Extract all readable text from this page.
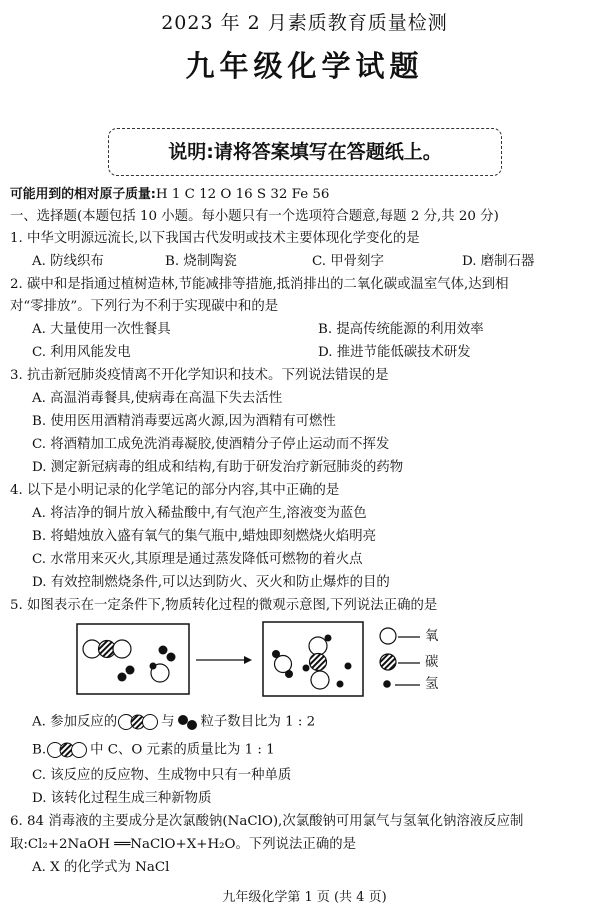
2023 年 2 月素质教育质量检测
九年级化学试题
说明:请将答案填写在答题纸上。
可能用到的相对原子质量:H 1 C 12 O 16 S 32 Fe 56
一、选择题(本题包括 10 小题。每小题只有一个选项符合题意,每题 2 分,共 20 分)
1. 中华文明源远流长,以下我国古代发明或技术主要体现化学变化的是
A. 防线织布	B. 烧制陶瓷	C. 甲骨刻字	D. 磨制石器
2. 碳中和是指通过植树造林,节能减排等措施,抵消排出的二氧化碳或温室气体,达到相
对“零排放”。下列行为不利于实现碳中和的是
A. 大量使用一次性餐具	B. 提高传统能源的利用效率
C. 利用风能发电	D. 推进节能低碳技术研发
3. 抗击新冠肺炎疫情离不开化学知识和技术。下列说法错误的是
A. 高温消毒餐具,使病毒在高温下失去活性
B. 使用医用酒精消毒要远离火源,因为酒精有可燃性
C. 将酒精加工成免洗消毒凝胶,使酒精分子停止运动而不挥发
D. 测定新冠病毒的组成和结构,有助于研发治疗新冠肺炎的药物
4. 以下是小明记录的化学笔记的部分内容,其中正确的是
A. 将洁净的铜片放入稀盐酸中,有气泡产生,溶液变为蓝色
B. 将蜡烛放入盛有氧气的集气瓶中,蜡烛即刻燃烧火焰明亮
C. 水常用来灭火,其原理是通过蒸发降低可燃物的着火点
D. 有效控制燃烧条件,可以达到防火、灭火和防止爆炸的目的
5. 如图表示在一定条件下,物质转化过程的微观示意图,下列说法正确的是
氧
碳
氢
A. 参加反应的	与 粒子数目比为 1 : 2
B.	中 C、O 元素的质量比为 1 : 1
C. 该反应的反应物、生成物中只有一种单质
D. 该转化过程生成三种新物质
6. 84 消毒液的主要成分是次氯酸钠(NaClO),次氯酸钠可用氯气与氢氧化钠溶液反应制
取:Cl₂+2NaOH ══NaClO+X+H₂O。下列说法正确的是
A. X 的化学式为 NaCl
九年级化学第 1 页 (共 4 页)
